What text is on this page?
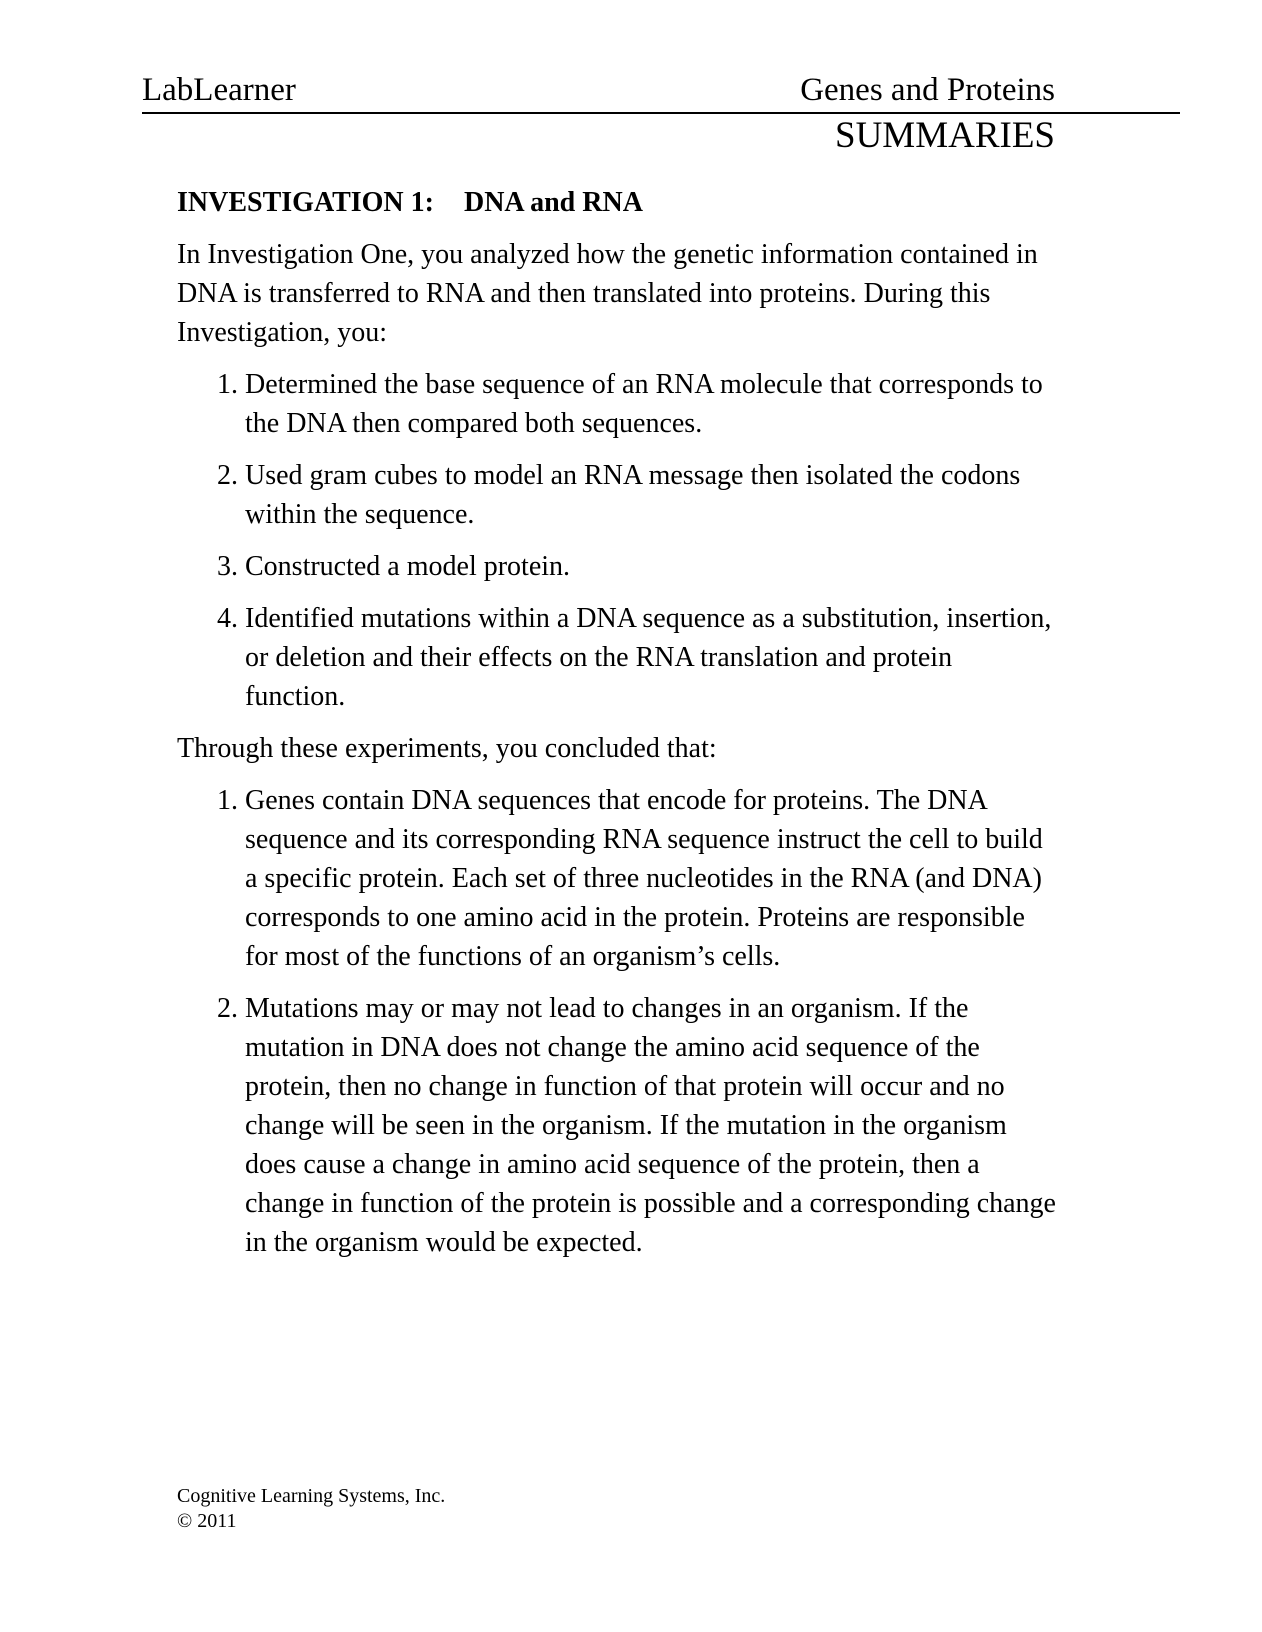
LabLearner	Genes and Proteins
SUMMARIES
INVESTIGATION 1: DNA and RNA

In Investigation One, you analyzed how the genetic information contained in DNA is transferred to RNA and then translated into proteins. During this Investigation, you:

1. Determined the base sequence of an RNA molecule that corresponds to the DNA then compared both sequences.
2. Used gram cubes to model an RNA message then isolated the codons within the sequence.
3. Constructed a model protein.
4. Identified mutations within a DNA sequence as a substitution, insertion, or deletion and their effects on the RNA translation and protein function.

Through these experiments, you concluded that:

1. Genes contain DNA sequences that encode for proteins. The DNA sequence and its corresponding RNA sequence instruct the cell to build a specific protein. Each set of three nucleotides in the RNA (and DNA) corresponds to one amino acid in the protein. Proteins are responsible for most of the functions of an organism’s cells.
2. Mutations may or may not lead to changes in an organism. If the mutation in DNA does not change the amino acid sequence of the protein, then no change in function of that protein will occur and no change will be seen in the organism. If the mutation in the organism does cause a change in amino acid sequence of the protein, then a change in function of the protein is possible and a corresponding change in the organism would be expected.
Cognitive Learning Systems, Inc.
© 2011
